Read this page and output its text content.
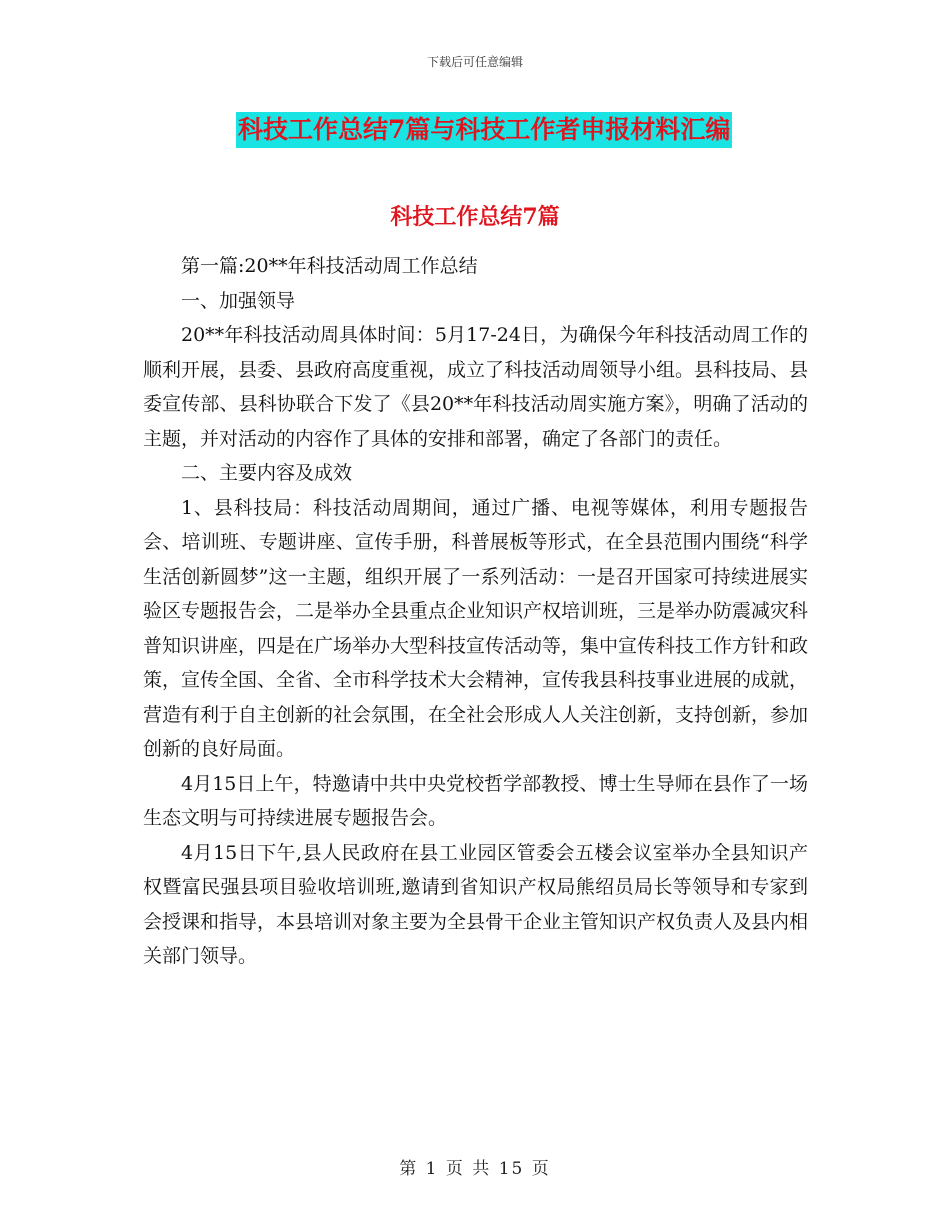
下载后可任意编辑
科技工作总结7篇与科技工作者申报材料汇编
科技工作总结7篇

第一篇:20**年科技活动周工作总结

一、加强领导

20**年科技活动周具体时间：5月17-24日，为确保今年科技活动周工作的顺利开展，县委、县政府高度重视，成立了科技活动周领导小组。县科技局、县委宣传部、县科协联合下发了《县20**年科技活动周实施方案》，明确了活动的主题，并对活动的内容作了具体的安排和部署，确定了各部门的责任。

二、主要内容及成效

1、县科技局：科技活动周期间，通过广播、电视等媒体，利用专题报告会、培训班、专题讲座、宣传手册，科普展板等形式，在全县范围内围绕“科学生活创新圆梦”这一主题，组织开展了一系列活动：一是召开国家可持续进展实验区专题报告会，二是举办全县重点企业知识产权培训班，三是举办防震减灾科普知识讲座，四是在广场举办大型科技宣传活动等，集中宣传科技工作方针和政策，宣传全国、全省、全市科学技术大会精神，宣传我县科技事业进展的成就，营造有利于自主创新的社会氛围，在全社会形成人人关注创新，支持创新，参加创新的良好局面。

4月15日上午，特邀请中共中央党校哲学部教授、博士生导师在县作了一场生态文明与可持续进展专题报告会。

4月15日下午,县人民政府在县工业园区管委会五楼会议室举办全县知识产权暨富民强县项目验收培训班,邀请到省知识产权局熊绍员局长等领导和专家到会授课和指导，本县培训对象主要为全县骨干企业主管知识产权负责人及县内相关部门领导。

第 1 页 共 15 页
